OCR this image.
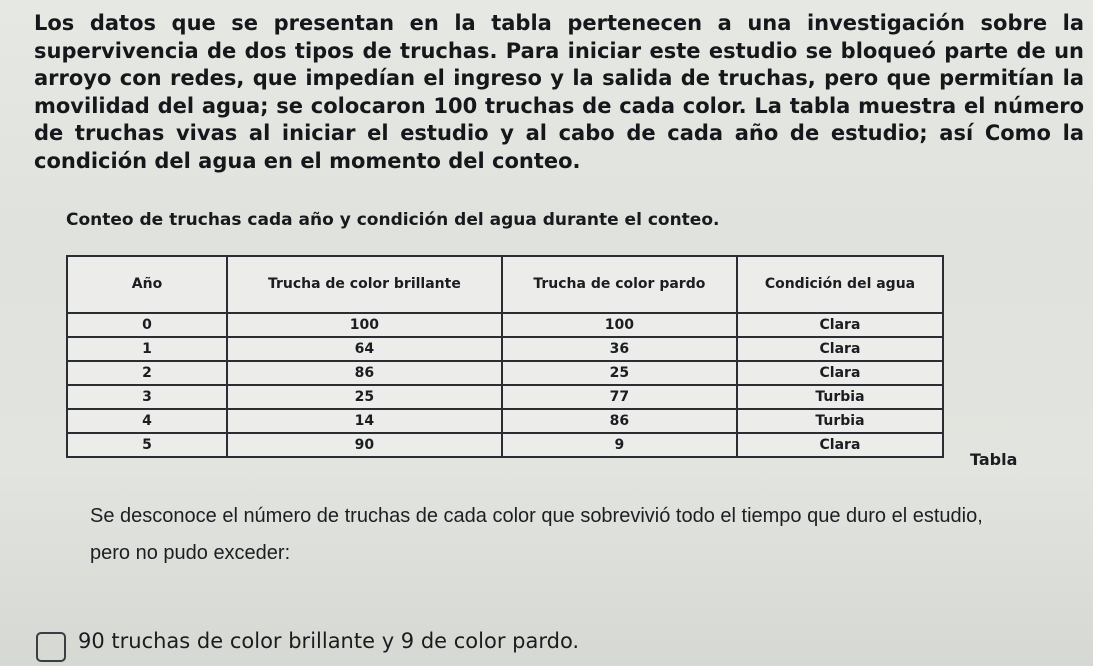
Los datos que se presentan en la tabla pertenecen a una investigación sobre la supervivencia de dos tipos de truchas. Para iniciar este estudio se bloqueó parte de un arroyo con redes, que impedían el ingreso y la salida de truchas, pero que permitían la movilidad del agua; se colocaron 100 truchas de cada color. La tabla muestra el número de truchas vivas al iniciar el estudio y al cabo de cada año de estudio; así Como la condición del agua en el momento del conteo.

Conteo de truchas cada año y condición del agua durante el conteo.

Año	Trucha de color brillante	Trucha de color pardo	Condición del agua
0	100	100	Clara
1	64	36	Clara
2	86	25	Clara
3	25	77	Turbia
4	14	86	Turbia
5	90	9	Clara
Tabla

Se desconoce el número de truchas de cada color que sobrevivió todo el tiempo que duro el estudio, pero no pudo exceder:

90 truchas de color brillante y 9 de color pardo.
